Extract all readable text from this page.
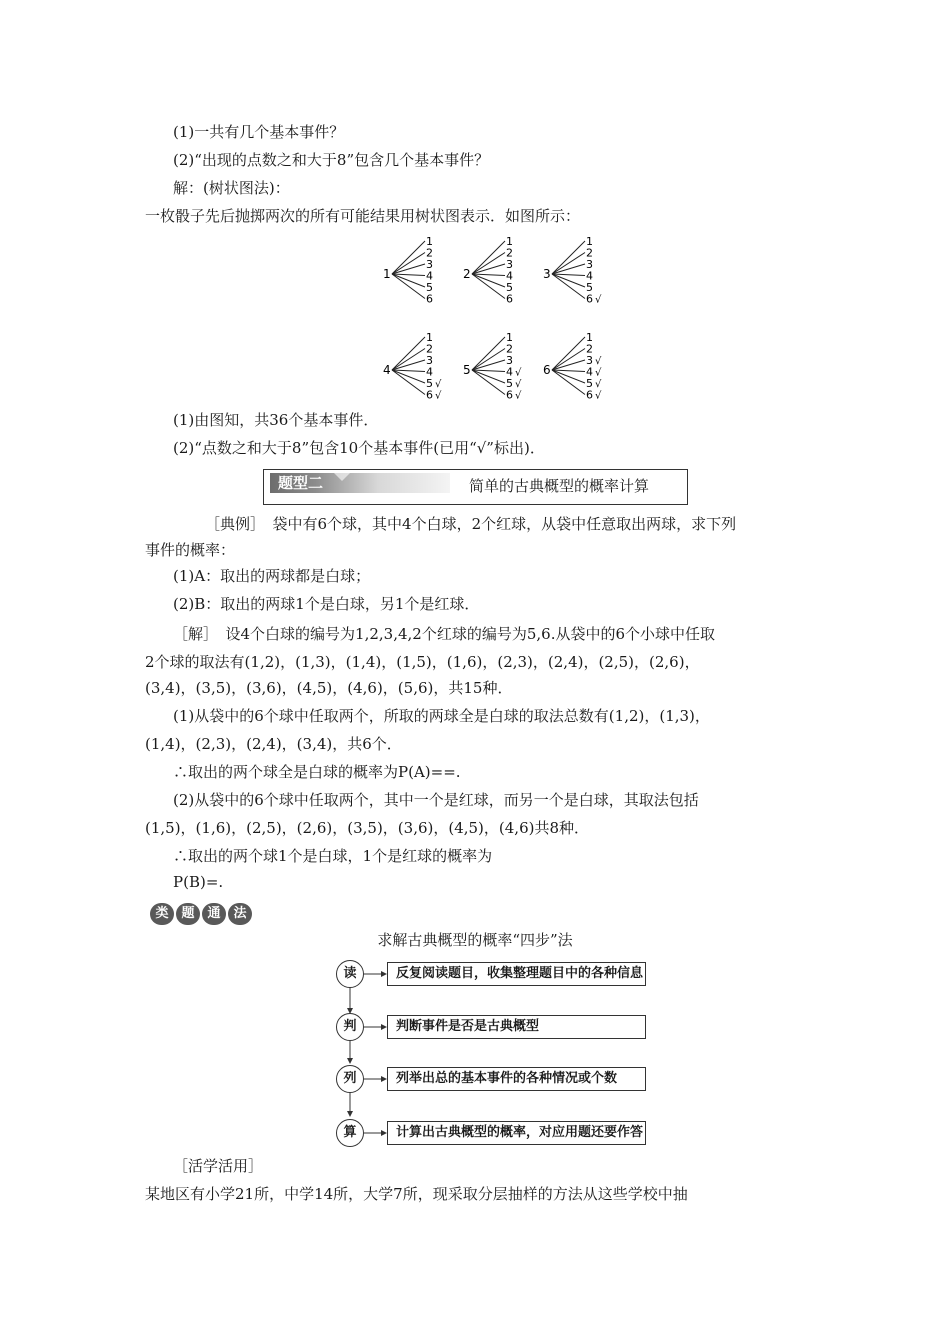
(1)一共有几个基本事件？
(2)“出现的点数之和大于8”包含几个基本事件？
解：(树状图法)：
一枚骰子先后抛掷两次的所有可能结果用树状图表示．如图所示：
1
1
2
3
4
5
6
2
1
2
3
4
5
6
3
1
2
3
4
5
6 √
4
1
2
3
4
5 √
6 √
5
1
2
3
4 √
5 √
6 √
6
1
2
3 √
4 √
5 √
6 √
(1)由图知，共36个基本事件．
(2)“点数之和大于8”包含10个基本事件(已用“√”标出)．
题型二	简单的古典概型的概率计算
［典例］　袋中有6个球，其中4个白球，2个红球，从袋中任意取出两球，求下列
事件的概率：
(1)A：取出的两球都是白球；
(2)B：取出的两球1个是白球，另1个是红球．
［解］　设4个白球的编号为1,2,3,4,2个红球的编号为5,6.从袋中的6个小球中任取
2个球的取法有(1,2)，(1,3)，(1,4)，(1,5)，(1,6)，(2,3)，(2,4)，(2,5)，(2,6)，
(3,4)，(3,5)，(3,6)，(4,5)，(4,6)，(5,6)，共15种．
(1)从袋中的6个球中任取两个，所取的两球全是白球的取法总数有(1,2)，(1,3)，
(1,4)，(2,3)，(2,4)，(3,4)，共6个．
∴取出的两个球全是白球的概率为P(A)==.
(2)从袋中的6个球中任取两个，其中一个是红球，而另一个是白球，其取法包括
(1,5)，(1,6)，(2,5)，(2,6)，(3,5)，(3,6)，(4,5)，(4,6)共8种．
∴取出的两个球1个是白球，1个是红球的概率为
P(B)=.
类 题 通 法
求解古典概型的概率“四步”法
读	反复阅读题目，收集整理题目中的各种信息
判	判断事件是否是古典概型
列	列举出总的基本事件的各种情况或个数
算	计算出古典概型的概率，对应用题还要作答
［活学活用］
某地区有小学21所，中学14所，大学7所，现采取分层抽样的方法从这些学校中抽
